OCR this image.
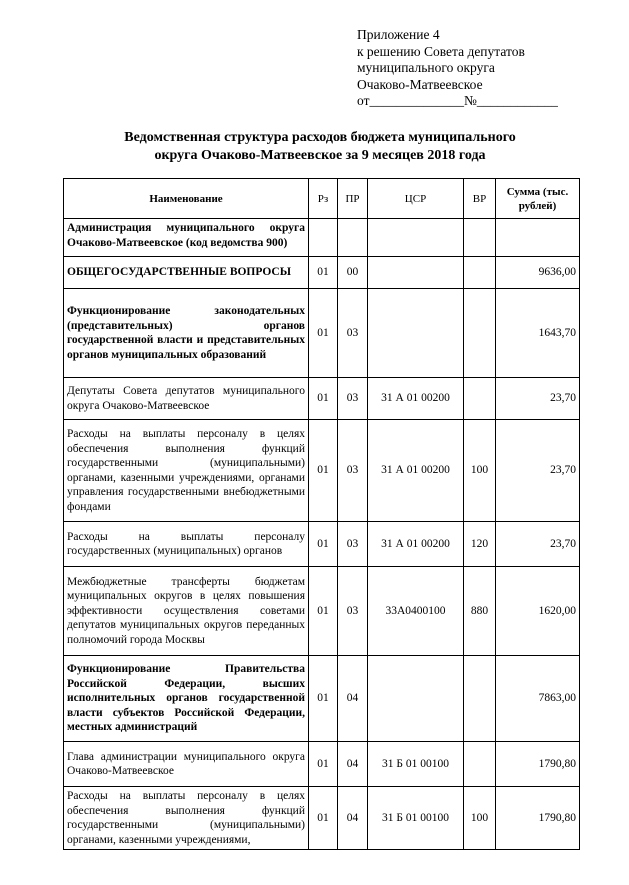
Приложение 4
к решению Совета депутатов
муниципального округа
Очаково-Матвеевское
от______________№____________
Ведомственная структура расходов бюджета муниципального
округа Очаково-Матвеевское за 9 месяцев 2018 года
Наименование	Рз	ПР	ЦСР	ВР	Сумма (тыс. рублей)
Администрация муниципального округа Очаково-Матвеевское (код ведомства 900)					
ОБЩЕГОСУДАРСТВЕННЫЕ ВОПРОСЫ	01	00			9636,00
Функционирование законодательных (представительных) органов государственной власти и представительных органов муниципальных образований	01	03			1643,70
Депутаты Совета депутатов муниципального округа Очаково-Матвеевское	01	03	31 А 01 00200		23,70
Расходы на выплаты персоналу в целях обеспечения выполнения функций государственными (муниципальными) органами, казенными учреждениями, органами управления государственными внебюджетными фондами	01	03	31 А 01 00200	100	23,70
Расходы на выплаты персоналу государственных (муниципальных) органов	01	03	31 А 01 00200	120	23,70
Межбюджетные трансферты бюджетам муниципальных округов в целях повышения эффективности осуществления советами депутатов муниципальных округов переданных полномочий города Москвы	01	03	33А0400100	880	1620,00
Функционирование Правительства Российской Федерации, высших исполнительных органов государственной власти субъектов Российской Федерации, местных администраций	01	04			7863,00
Глава администрации муниципального округа Очаково-Матвеевское	01	04	31 Б 01 00100		1790,80
Расходы на выплаты персоналу в целях обеспечения выполнения функций государственными (муниципальными) органами, казенными учреждениями,	01	04	31 Б 01 00100	100	1790,80
